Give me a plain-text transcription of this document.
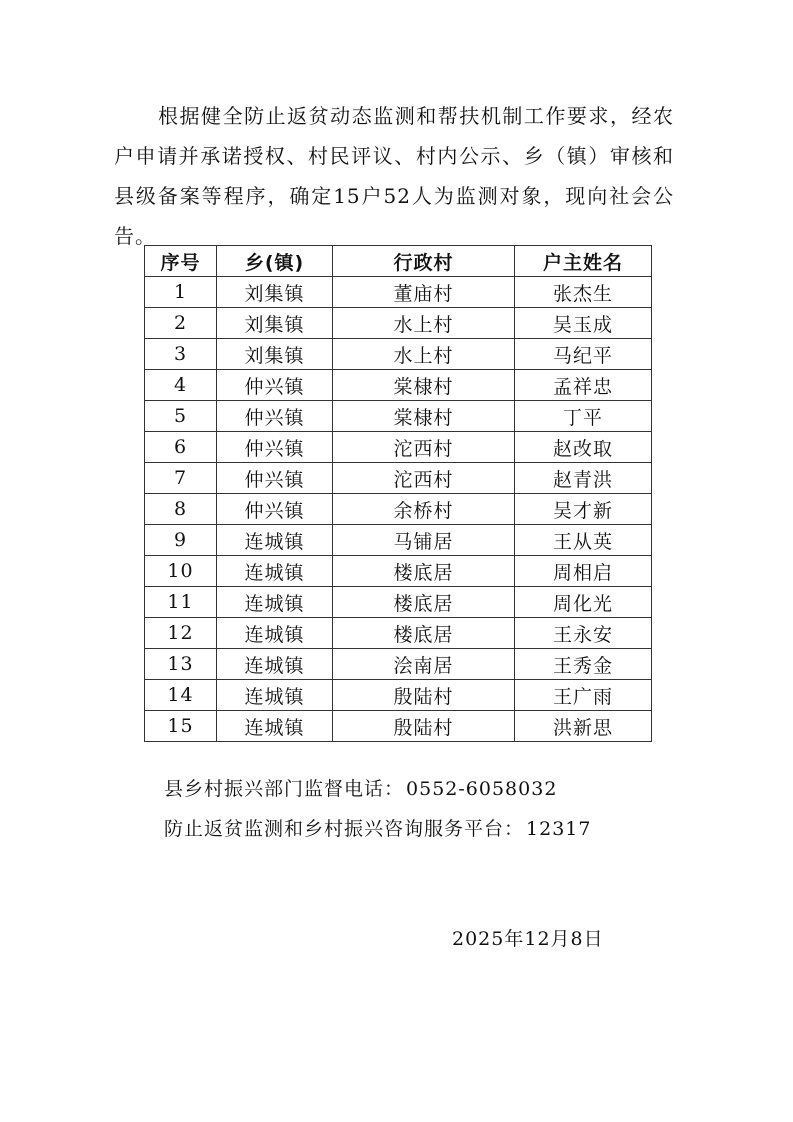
根据健全防止返贫动态监测和帮扶机制工作要求，经农户申请并承诺授权、村民评议、村内公示、乡（镇）审核和县级备案等程序，确定15户52人为监测对象，现向社会公告。

序号	乡(镇)	行政村	户主姓名
1	刘集镇	董庙村	张杰生
2	刘集镇	水上村	吴玉成
3	刘集镇	水上村	马纪平
4	仲兴镇	棠棣村	孟祥忠
5	仲兴镇	棠棣村	丁平
6	仲兴镇	沱西村	赵改取
7	仲兴镇	沱西村	赵青洪
8	仲兴镇	余桥村	吴才新
9	连城镇	马铺居	王从英
10	连城镇	楼底居	周相启
11	连城镇	楼底居	周化光
12	连城镇	楼底居	王永安
13	连城镇	浍南居	王秀金
14	连城镇	殷陆村	王广雨
15	连城镇	殷陆村	洪新思

县乡村振兴部门监督电话： 0552-6058032

防止返贫监测和乡村振兴咨询服务平台： 12317

2025年12月8日
